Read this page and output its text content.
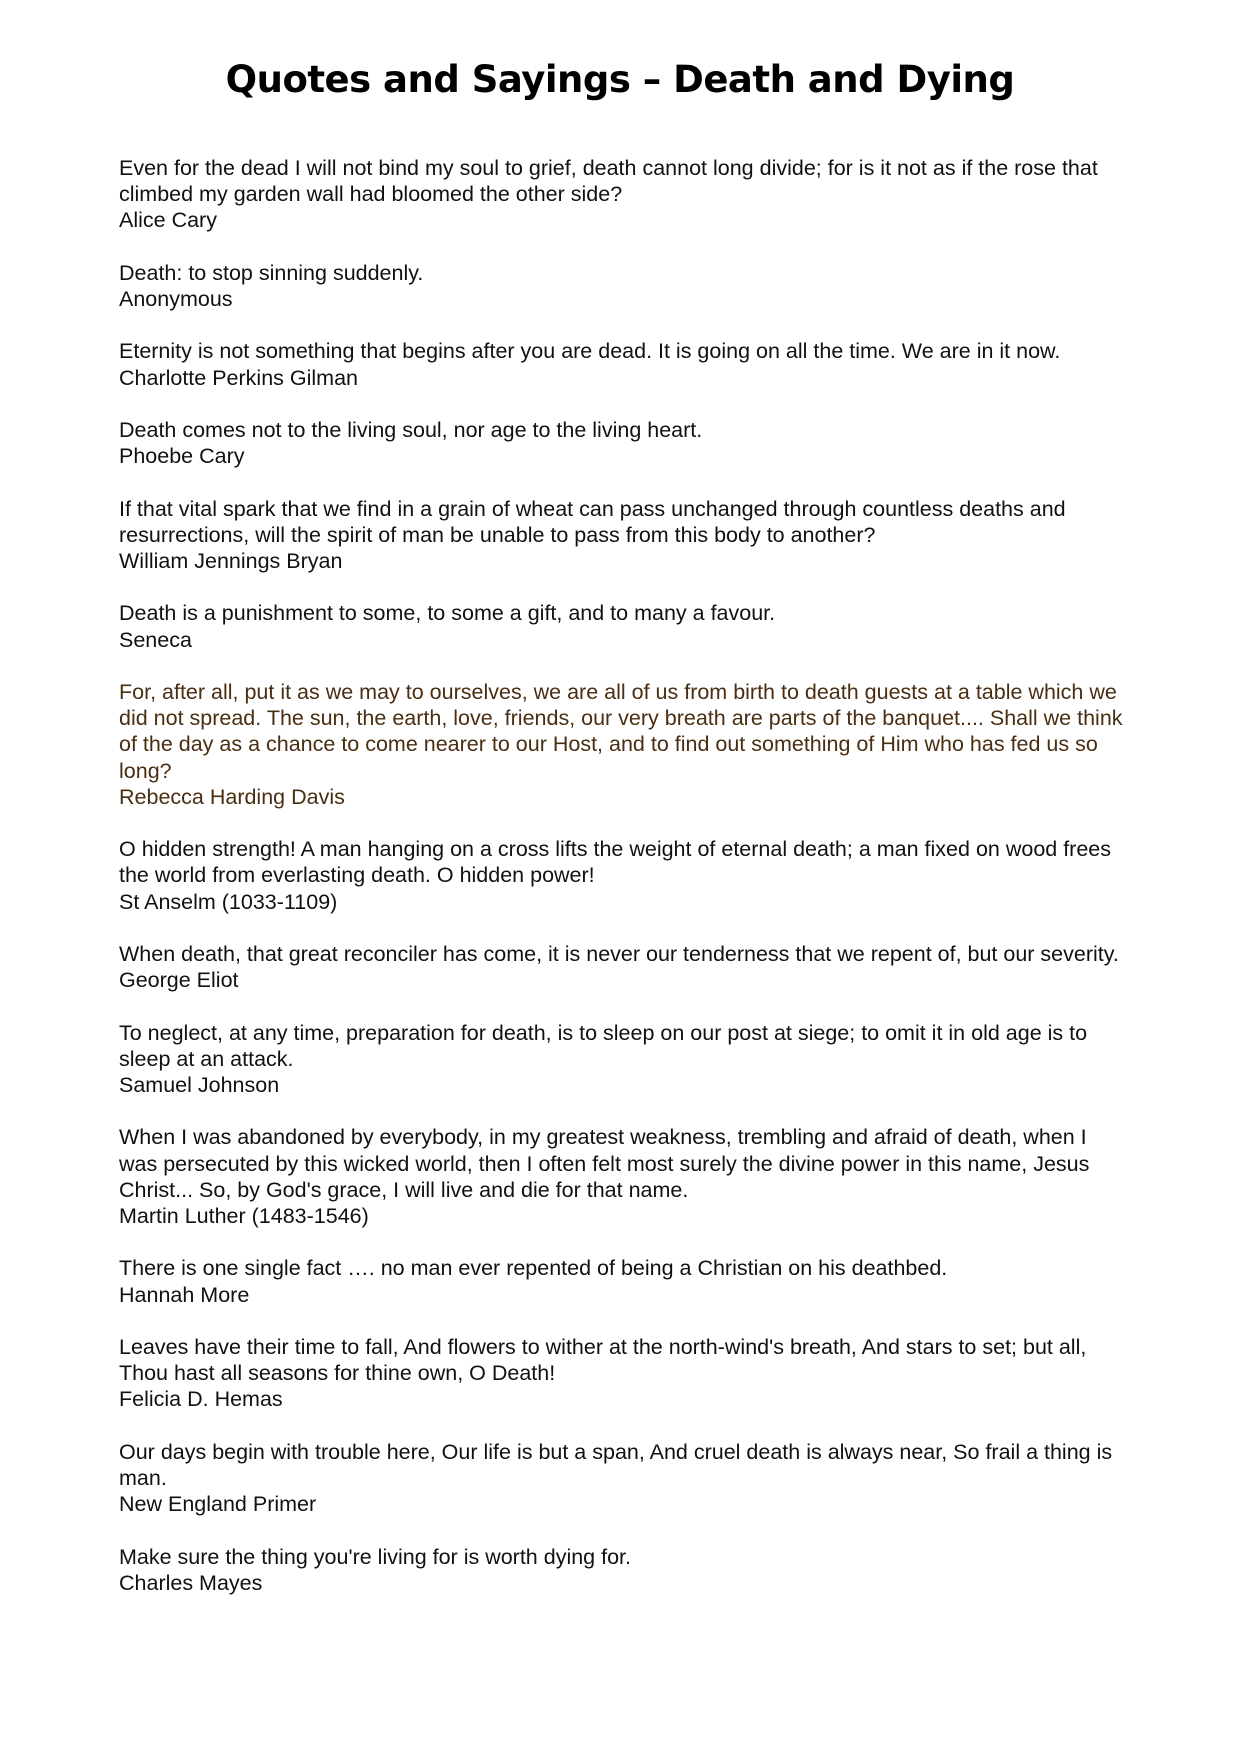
Quotes and Sayings – Death and Dying
Even for the dead I will not bind my soul to grief, death cannot long divide; for is it not as if the rose that climbed my garden wall had bloomed the other side?
Alice Cary
Death: to stop sinning suddenly.
Anonymous
Eternity is not something that begins after you are dead. It is going on all the time. We are in it now.
Charlotte Perkins Gilman
Death comes not to the living soul, nor age to the living heart.
Phoebe Cary
If that vital spark that we find in a grain of wheat can pass unchanged through countless deaths and resurrections, will the spirit of man be unable to pass from this body to another?
William Jennings Bryan
Death is a punishment to some, to some a gift, and to many a favour.
Seneca
For, after all, put it as we may to ourselves, we are all of us from birth to death guests at a table which we did not spread. The sun, the earth, love, friends, our very breath are parts of the banquet.... Shall we think of the day as a chance to come nearer to our Host, and to find out something of Him who has fed us so long?
Rebecca Harding Davis
O hidden strength! A man hanging on a cross lifts the weight of eternal death; a man fixed on wood frees the world from everlasting death. O hidden power!
St Anselm (1033-1109)
When death, that great reconciler has come, it is never our tenderness that we repent of, but our severity.
George Eliot
To neglect, at any time, preparation for death, is to sleep on our post at siege; to omit it in old age is to sleep at an attack.
Samuel Johnson
When I was abandoned by everybody, in my greatest weakness, trembling and afraid of death, when I was persecuted by this wicked world, then I often felt most surely the divine power in this name, Jesus Christ... So, by God's grace, I will live and die for that name.
Martin Luther (1483-1546)
There is one single fact …. no man ever repented of being a Christian on his deathbed.
Hannah More
Leaves have their time to fall, And flowers to wither at the north-wind's breath, And stars to set; but all, Thou hast all seasons for thine own, O Death!
Felicia D. Hemas
Our days begin with trouble here, Our life is but a span, And cruel death is always near, So frail a thing is man.
New England Primer
Make sure the thing you're living for is worth dying for.
Charles Mayes
